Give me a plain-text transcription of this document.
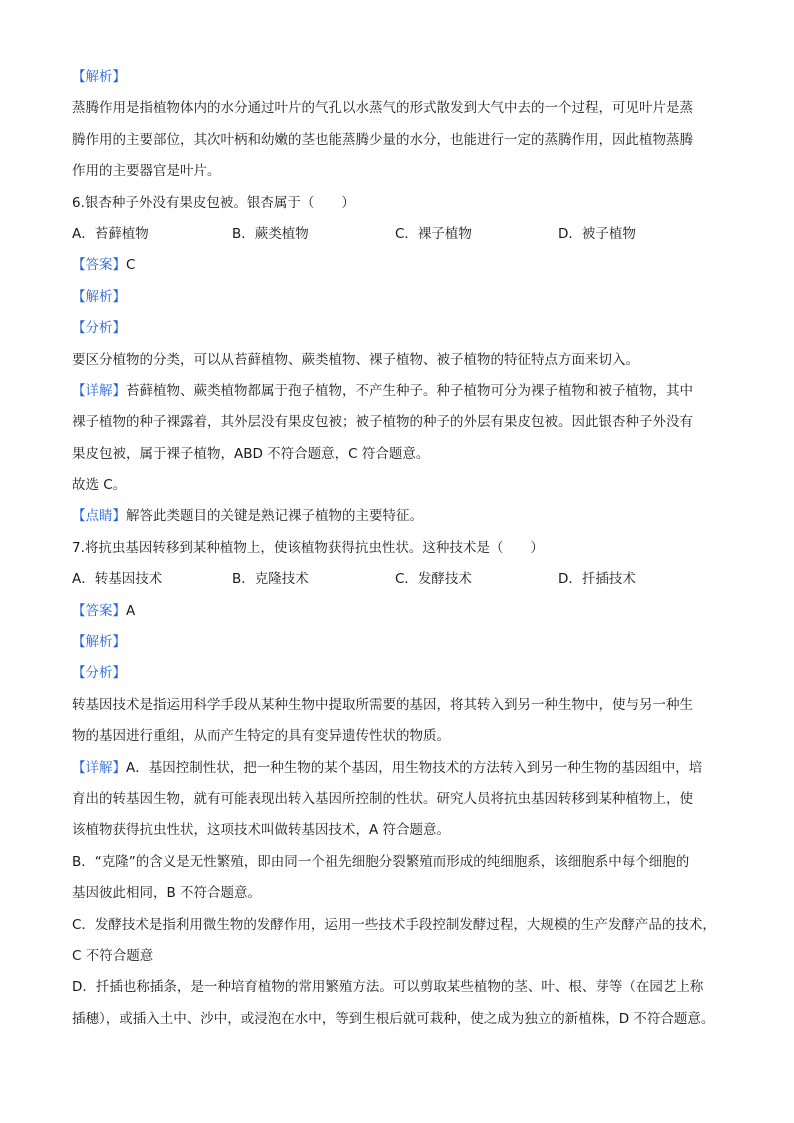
【解析】
蒸腾作用是指植物体内的水分通过叶片的气孔以水蒸气的形式散发到大气中去的一个过程，可见叶片是蒸
腾作用的主要部位，其次叶柄和幼嫩的茎也能蒸腾少量的水分，也能进行一定的蒸腾作用，因此植物蒸腾
作用的主要器官是叶片。
6.银杏种子外没有果皮包被。银杏属于（　　）
A．苔藓植物	B．蕨类植物	C．裸子植物	D．被子植物
【答案】C
【解析】
【分析】
要区分植物的分类，可以从苔藓植物、蕨类植物、裸子植物、被子植物的特征特点方面来切入。
【详解】苔藓植物、蕨类植物都属于孢子植物，不产生种子。种子植物可分为裸子植物和被子植物，其中
裸子植物的种子裸露着，其外层没有果皮包被；被子植物的种子的外层有果皮包被。因此银杏种子外没有
果皮包被，属于裸子植物，ABD 不符合题意，C 符合题意。
故选 C。
【点睛】解答此类题目的关键是熟记裸子植物的主要特征。
7.将抗虫基因转移到某种植物上，使该植物获得抗虫性状。这种技术是（　　）
A．转基因技术	B．克隆技术	C．发酵技术	D．扦插技术
【答案】A
【解析】
【分析】
转基因技术是指运用科学手段从某种生物中提取所需要的基因，将其转入到另一种生物中，使与另一种生
物的基因进行重组，从而产生特定的具有变异遗传性状的物质。
【详解】A．基因控制性状，把一种生物的某个基因，用生物技术的方法转入到另一种生物的基因组中，培
育出的转基因生物，就有可能表现出转入基因所控制的性状。研究人员将抗虫基因转移到某种植物上，使
该植物获得抗虫性状，这项技术叫做转基因技术，A 符合题意。
B．“克隆”的含义是无性繁殖，即由同一个祖先细胞分裂繁殖而形成的纯细胞系，该细胞系中每个细胞的
基因彼此相同，B 不符合题意。
C．发酵技术是指利用微生物的发酵作用，运用一些技术手段控制发酵过程，大规模的生产发酵产品的技术，
C 不符合题意
D．扦插也称插条，是一种培育植物的常用繁殖方法。可以剪取某些植物的茎、叶、根、芽等（在园艺上称
插穗），或插入土中、沙中，或浸泡在水中，等到生根后就可栽种，使之成为独立的新植株，D 不符合题意。
